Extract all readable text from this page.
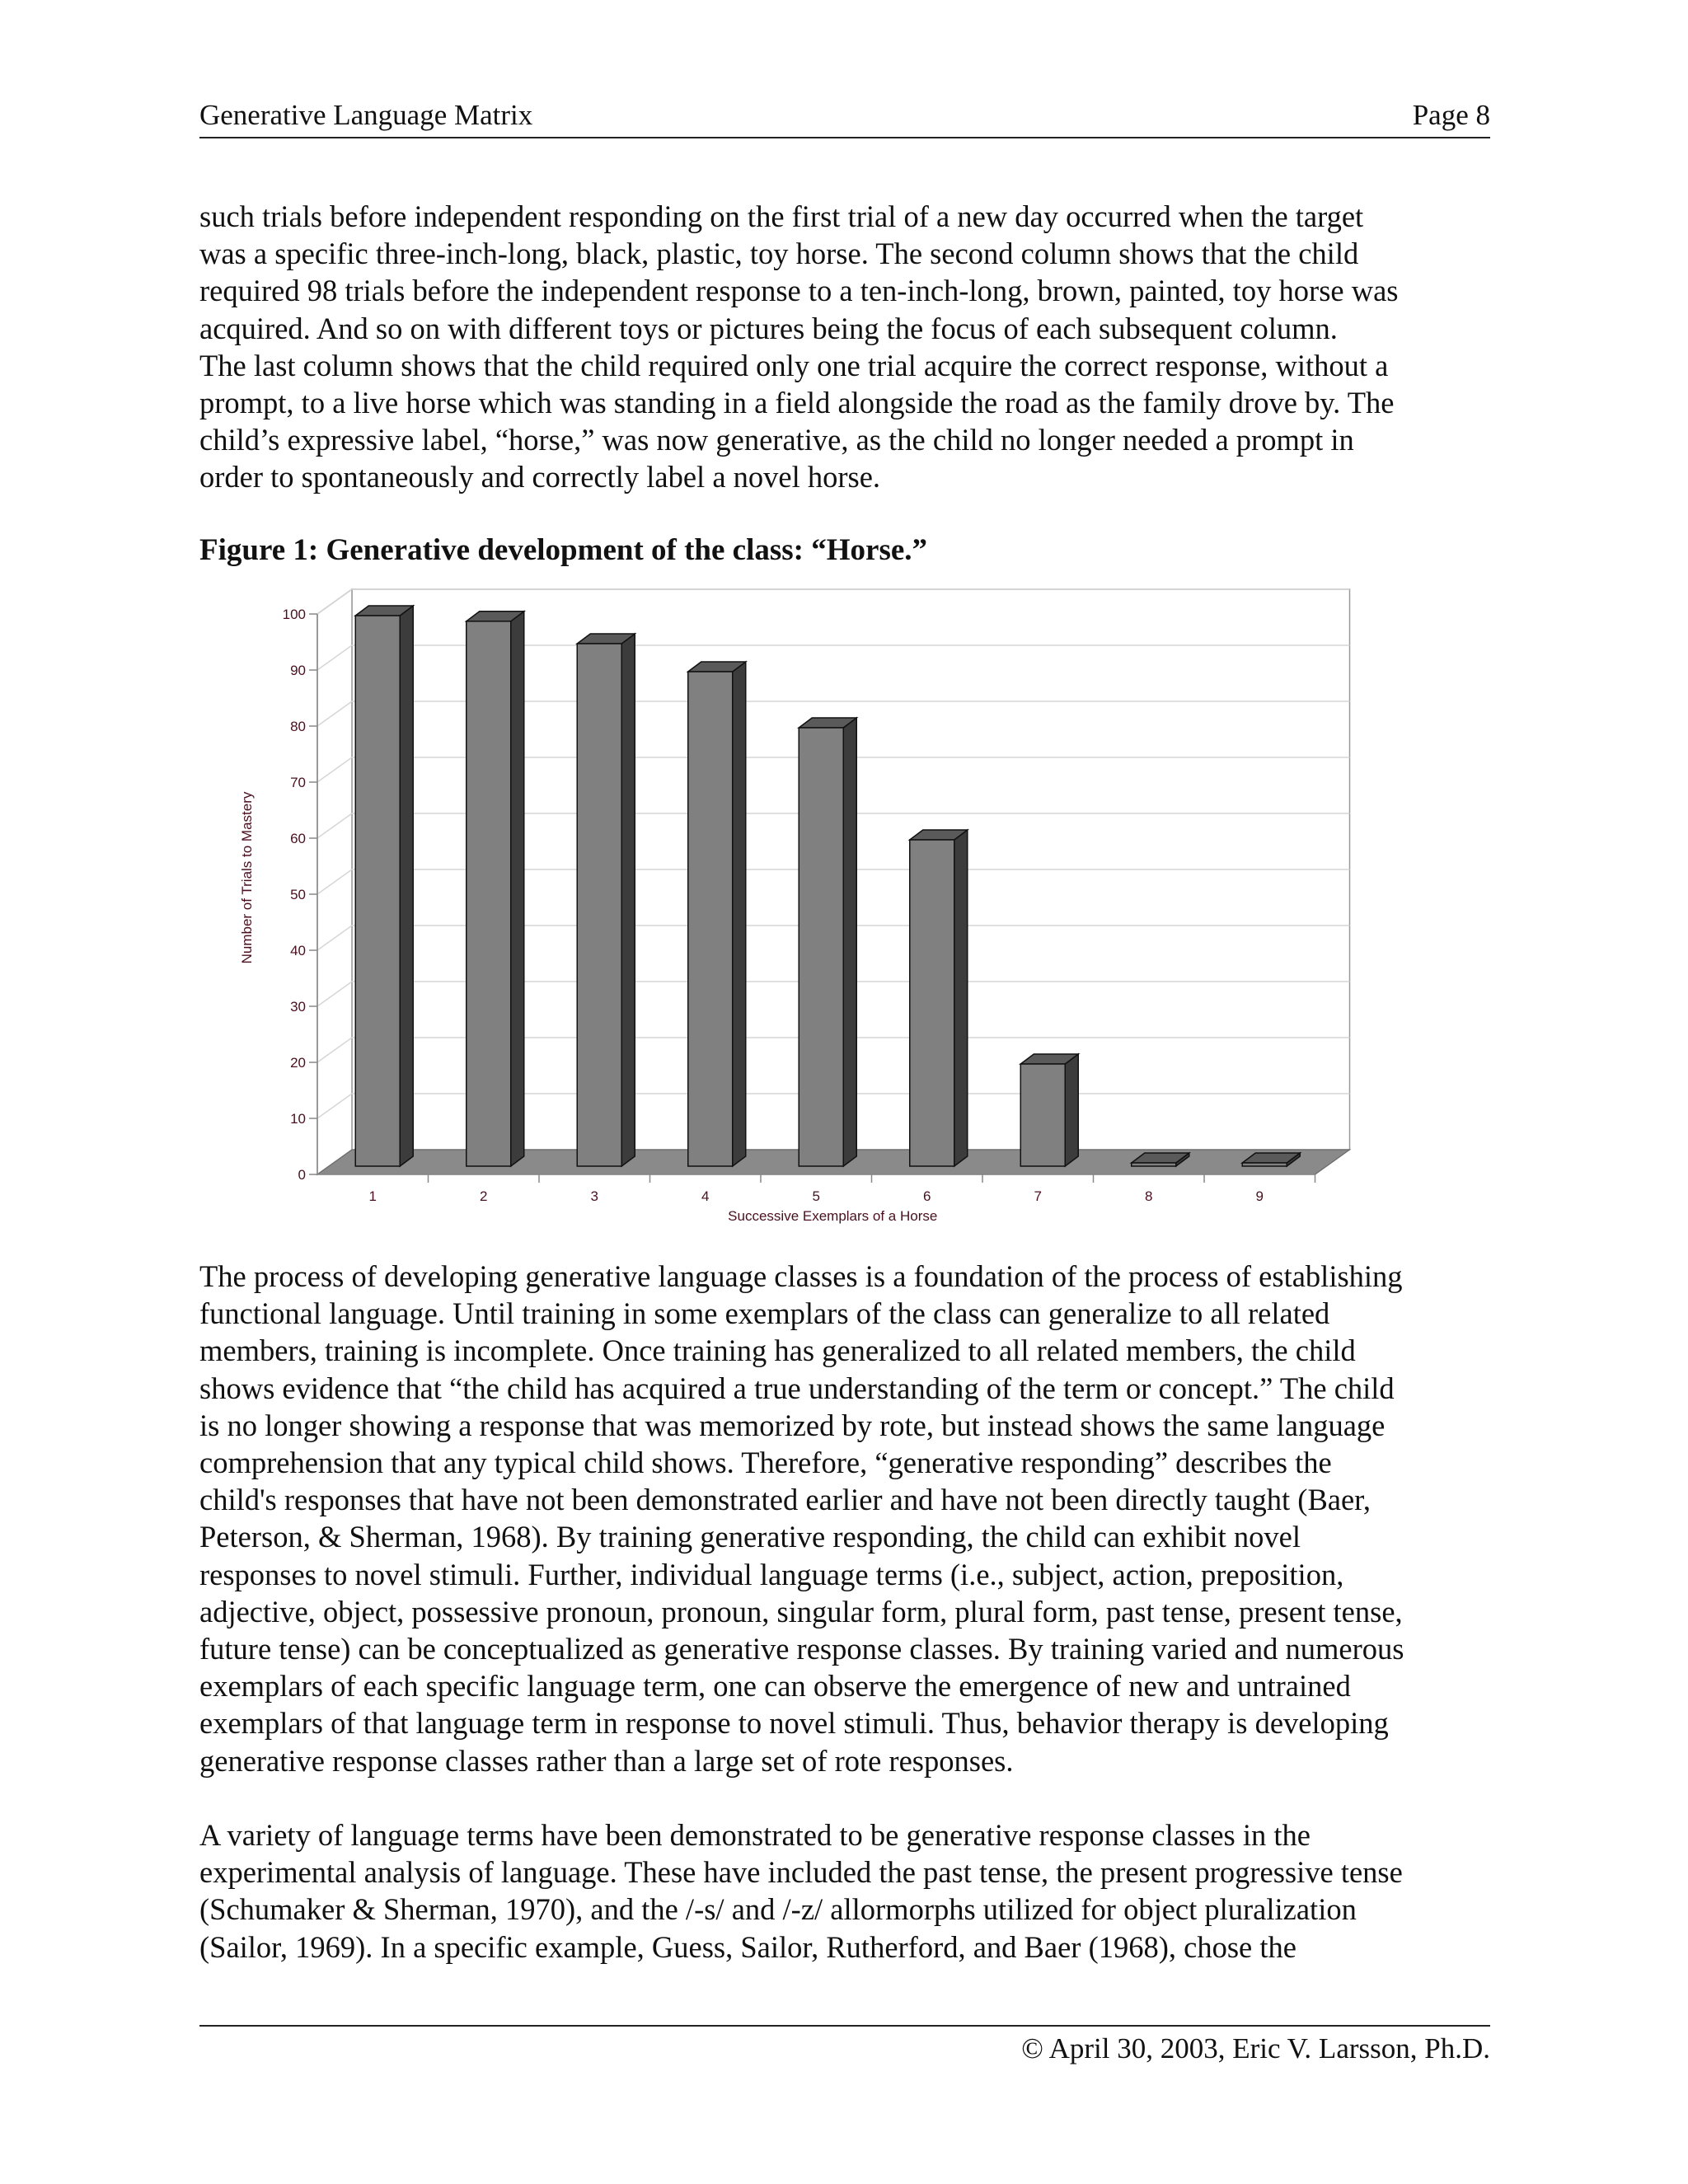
Generative Language Matrix	Page 8

such trials before independent responding on the first trial of a new day occurred when the target
was a specific three-inch-long, black, plastic, toy horse. The second column shows that the child
required 98 trials before the independent response to a ten-inch-long, brown, painted, toy horse was
acquired. And so on with different toys or pictures being the focus of each subsequent column.
The last column shows that the child required only one trial acquire the correct response, without a
prompt, to a live horse which was standing in a field alongside the road as the family drove by. The
child’s expressive label, “horse,” was now generative, as the child no longer needed a prompt in
order to spontaneously and correctly label a novel horse.

Figure 1: Generative development of the class: “Horse.”
0
10
20
30
40
50
60
70
80
90
100
1	2	3	4	5	6	7	8	9
Successive Exemplars of a Horse
Number of Trials to Mastery

The process of developing generative language classes is a foundation of the process of establishing
functional language. Until training in some exemplars of the class can generalize to all related
members, training is incomplete. Once training has generalized to all related members, the child
shows evidence that “the child has acquired a true understanding of the term or concept.” The child
is no longer showing a response that was memorized by rote, but instead shows the same language
comprehension that any typical child shows. Therefore, “generative responding” describes the
child's responses that have not been demonstrated earlier and have not been directly taught (Baer,
Peterson, & Sherman, 1968). By training generative responding, the child can exhibit novel
responses to novel stimuli. Further, individual language terms (i.e., subject, action, preposition,
adjective, object, possessive pronoun, pronoun, singular form, plural form, past tense, present tense,
future tense) can be conceptualized as generative response classes. By training varied and numerous
exemplars of each specific language term, one can observe the emergence of new and untrained
exemplars of that language term in response to novel stimuli. Thus, behavior therapy is developing
generative response classes rather than a large set of rote responses.

A variety of language terms have been demonstrated to be generative response classes in the
experimental analysis of language. These have included the past tense, the present progressive tense
(Schumaker & Sherman, 1970), and the /-s/ and /-z/ allormorphs utilized for object pluralization
(Sailor, 1969). In a specific example, Guess, Sailor, Rutherford, and Baer (1968), chose the

© April 30, 2003, Eric V. Larsson, Ph.D.
